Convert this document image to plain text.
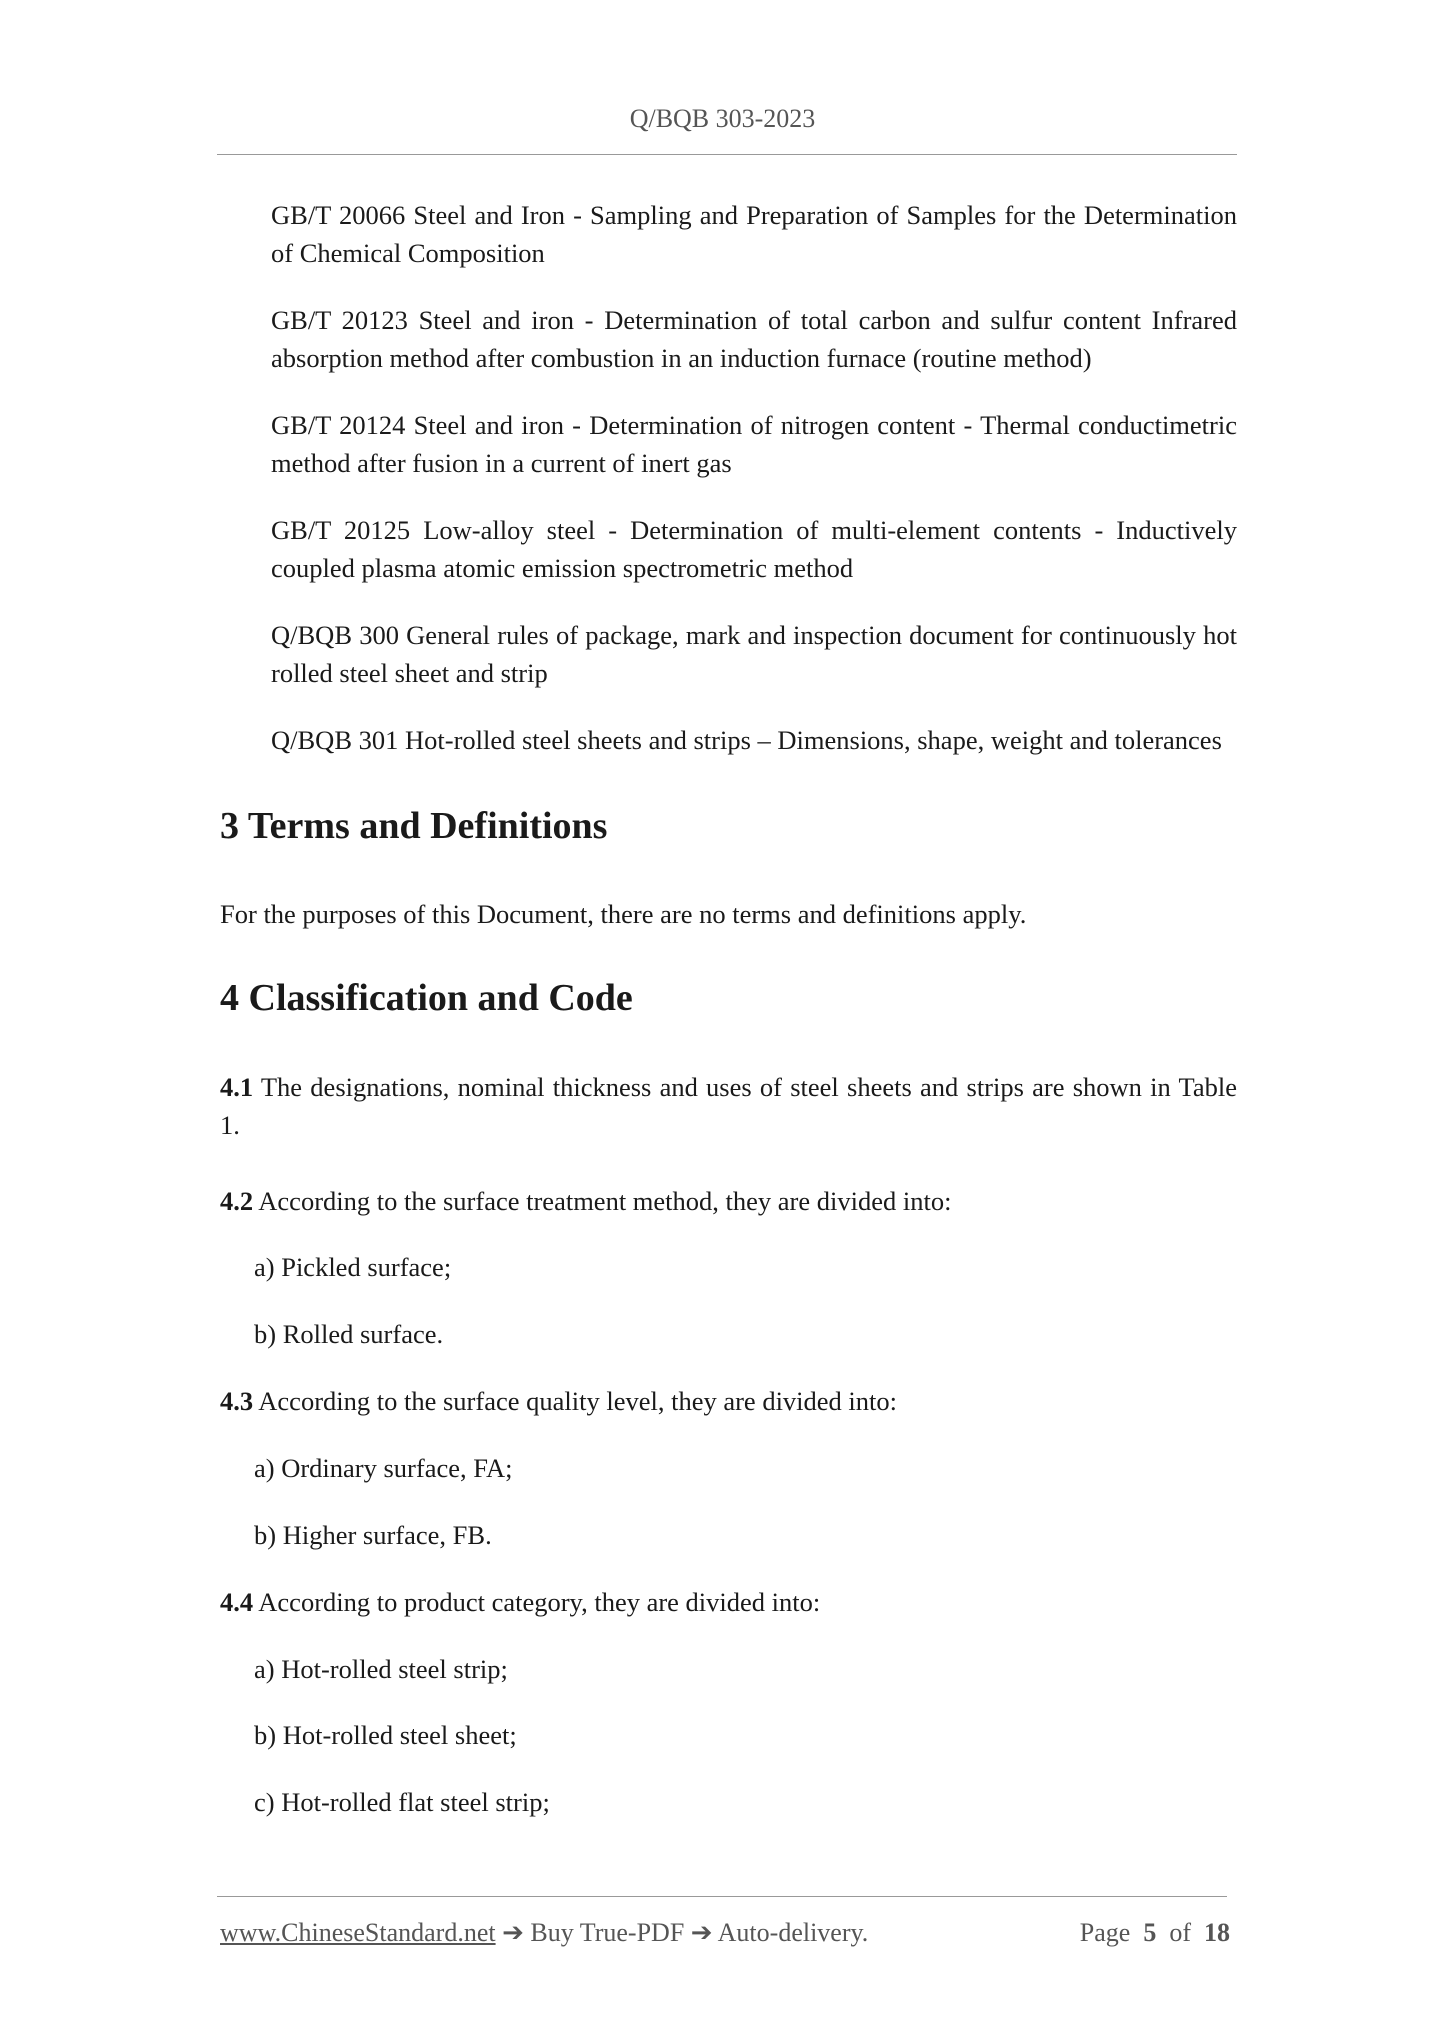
Q/BQB 303-2023

GB/T 20066 Steel and Iron - Sampling and Preparation of Samples for the Determination of Chemical Composition

GB/T 20123 Steel and iron - Determination of total carbon and sulfur content Infrared absorption method after combustion in an induction furnace (routine method)

GB/T 20124 Steel and iron - Determination of nitrogen content - Thermal conductimetric method after fusion in a current of inert gas

GB/T 20125 Low-alloy steel - Determination of multi-element contents - Inductively coupled plasma atomic emission spectrometric method

Q/BQB 300 General rules of package, mark and inspection document for continuously hot rolled steel sheet and strip

Q/BQB 301 Hot-rolled steel sheets and strips – Dimensions, shape, weight and tolerances

3 Terms and Definitions

For the purposes of this Document, there are no terms and definitions apply.

4 Classification and Code

4.1 The designations, nominal thickness and uses of steel sheets and strips are shown in Table 1.

4.2 According to the surface treatment method, they are divided into:

a) Pickled surface;

b) Rolled surface.

4.3 According to the surface quality level, they are divided into:

a) Ordinary surface, FA;

b) Higher surface, FB.

4.4 According to product category, they are divided into:

a) Hot-rolled steel strip;

b) Hot-rolled steel sheet;

c) Hot-rolled flat steel strip;

www.ChineseStandard.net ➔ Buy True-PDF ➔ Auto-delivery.	Page 5 of 18
